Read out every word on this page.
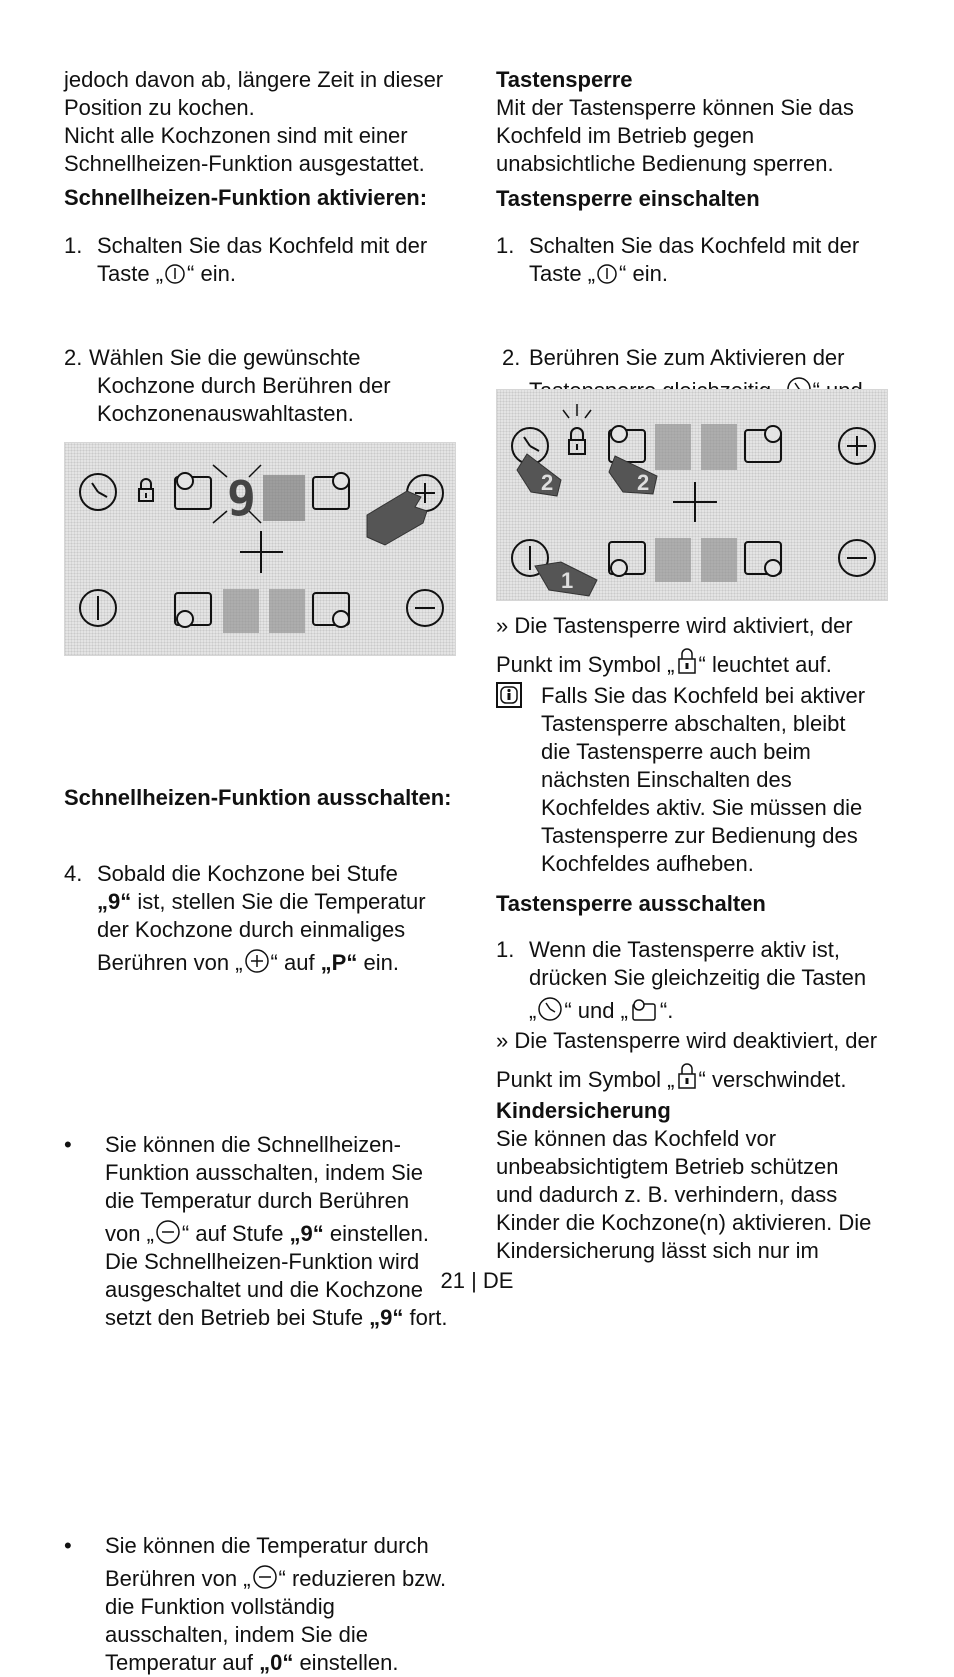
jedoch davon ab, längere Zeit in dieser
Position zu kochen.
Nicht alle Kochzonen sind mit einer
Schnellheizen-Funktion ausgestattet.
Schnellheizen-Funktion aktivieren:
1. Schalten Sie das Kochfeld mit der
Taste „ “ ein.
2. Wählen Sie die gewünschte
Kochzone durch Berühren der
Kochzonenauswahltasten.
4. Sobald die Kochzone bei Stufe
„9“ ist, stellen Sie die Temperatur
der Kochzone durch einmaliges
Berühren von „ “ auf „P“ ein.
Schnellheizen-Funktion ausschalten:
• Sie können die Schnellheizen-
Funktion ausschalten, indem Sie
die Temperatur durch Berühren
von „ “ auf Stufe „9“ einstellen.
Die Schnellheizen-Funktion wird
ausgeschaltet und die Kochzone
setzt den Betrieb bei Stufe „9“ fort.
• Sie können die Temperatur durch
Berühren von „ “ reduzieren bzw.
die Funktion vollständig
ausschalten, indem Sie die
Temperatur auf „0“ einstellen.
9
Tastensperre
Mit der Tastensperre können Sie das
Kochfeld im Betrieb gegen
unabsichtliche Bedienung sperren.
Tastensperre einschalten
1. Schalten Sie das Kochfeld mit der
Taste „ “ ein.
2. Berühren Sie zum Aktivieren der
2	2
1
» Die Tastensperre wird aktiviert, der
Punkt im Symbol „ “ leuchtet auf.
Falls Sie das Kochfeld bei aktiver
Tastensperre abschalten, bleibt
die Tastensperre auch beim
nächsten Einschalten des
Kochfeldes aktiv. Sie müssen die
Tastensperre zur Bedienung des
Kochfeldes aufheben.
Tastensperre ausschalten
1. Wenn die Tastensperre aktiv ist,
drücken Sie gleichzeitig die Tasten
„ “ und „ “.
» Die Tastensperre wird deaktiviert, der
Punkt im Symbol „ “ verschwindet.
Kindersicherung
Sie können das Kochfeld vor
unbeabsichtigtem Betrieb schützen
und dadurch z. B. verhindern, dass
Kinder die Kochzone(n) aktivieren. Die
Kindersicherung lässt sich nur im
21 | DE
